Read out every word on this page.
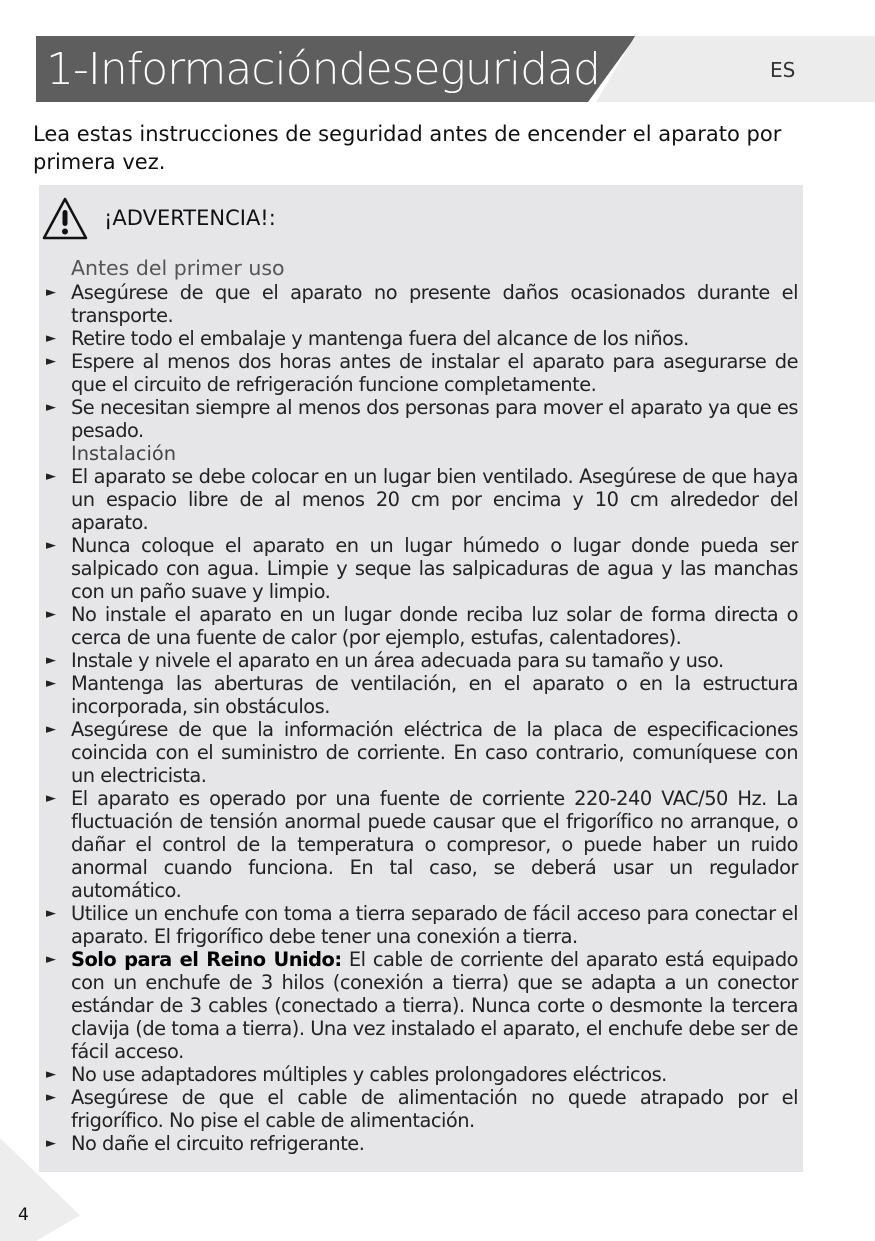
1-Informacióndeseguridad	ES
Lea estas instrucciones de seguridad antes de encender el aparato por primera vez.
¡ADVERTENCIA!:

Antes del primer uso

► Asegúrese de que el aparato no presente daños ocasionados durante el transporte.
► Retire todo el embalaje y mantenga fuera del alcance de los niños.
► Espere al menos dos horas antes de instalar el aparato para asegurarse de que el circuito de refrigeración funcione completamente.
► Se necesitan siempre al menos dos personas para mover el aparato ya que es pesado.

Instalación

► El aparato se debe colocar en un lugar bien ventilado. Asegúrese de que haya un espacio libre de al menos 20 cm por encima y 10 cm alrededor del aparato.
► Nunca coloque el aparato en un lugar húmedo o lugar donde pueda ser salpicado con agua. Limpie y seque las salpicaduras de agua y las manchas con un paño suave y limpio.
► No instale el aparato en un lugar donde reciba luz solar de forma directa o cerca de una fuente de calor (por ejemplo, estufas, calentadores).
► Instale y nivele el aparato en un área adecuada para su tamaño y uso.
► Mantenga las aberturas de ventilación, en el aparato o en la estructura incorporada, sin obstáculos.
► Asegúrese de que la información eléctrica de la placa de especificaciones coincida con el suministro de corriente. En caso contrario, comuníquese con un electricista.
► El aparato es operado por una fuente de corriente 220-240 VAC/50 Hz. La fluctuación de tensión anormal puede causar que el frigorífico no arranque, o dañar el control de la temperatura o compresor, o puede haber un ruido anormal cuando funciona. En tal caso, se deberá usar un regulador automático.
► Utilice un enchufe con toma a tierra separado de fácil acceso para conectar el aparato. El frigorífico debe tener una conexión a tierra.
► Solo para el Reino Unido: El cable de corriente del aparato está equipado con un enchufe de 3 hilos (conexión a tierra) que se adapta a un conector estándar de 3 cables (conectado a tierra). Nunca corte o desmonte la tercera clavija (de toma a tierra). Una vez instalado el aparato, el enchufe debe ser de fácil acceso.
► No use adaptadores múltiples y cables prolongadores eléctricos.
► Asegúrese de que el cable de alimentación no quede atrapado por el frigorífico. No pise el cable de alimentación.
► No dañe el circuito refrigerante.
4
